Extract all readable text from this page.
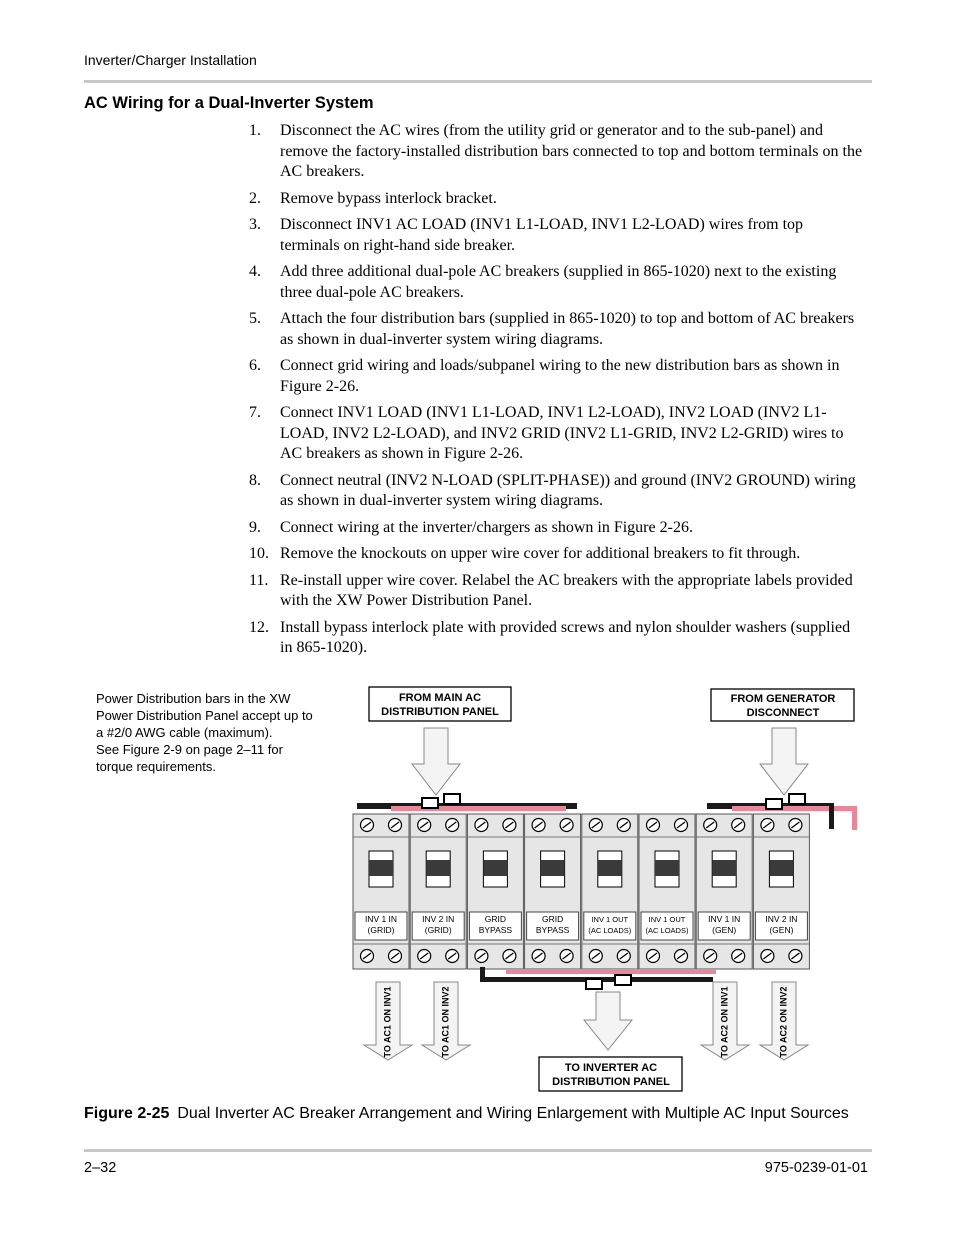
Inverter/Charger Installation
AC Wiring for a Dual-Inverter System
1.	Disconnect the AC wires (from the utility grid or generator and to the sub-panel) and remove the factory-installed distribution bars connected to top and bottom terminals on the AC breakers.
2.	Remove bypass interlock bracket.
3.	Disconnect INV1 AC LOAD (INV1 L1-LOAD, INV1 L2-LOAD) wires from top terminals on right-hand side breaker.
4.	Add three additional dual-pole AC breakers (supplied in 865-1020) next to the existing three dual-pole AC breakers.
5.	Attach the four distribution bars (supplied in 865-1020) to top and bottom of AC breakers as shown in dual-inverter system wiring diagrams.
6.	Connect grid wiring and loads/subpanel wiring to the new distribution bars as shown in Figure 2-26.
7.	Connect INV1 LOAD (INV1 L1-LOAD, INV1 L2-LOAD), INV2 LOAD (INV2 L1-LOAD, INV2 L2-LOAD), and INV2 GRID (INV2 L1-GRID, INV2 L2-GRID) wires to AC breakers as shown in Figure 2-26.
8.	Connect neutral (INV2 N-LOAD (SPLIT-PHASE)) and ground (INV2 GROUND) wiring as shown in dual-inverter system wiring diagrams.
9.	Connect wiring at the inverter/chargers as shown in Figure 2-26.
10. Remove the knockouts on upper wire cover for additional breakers to fit through.
11. Re-install upper wire cover. Relabel the AC breakers with the appropriate labels provided with the XW Power Distribution Panel.
12. Install bypass interlock plate with provided screws and nylon shoulder washers (supplied in 865-1020).
Power Distribution bars in the XW
Power Distribution Panel accept up to
a #2/0 AWG cable (maximum).
See Figure 2-9 on page 2–11 for
torque requirements.
FROM MAIN AC
DISTRIBUTION PANEL
FROM GENERATOR
DISCONNECT
INV 1 IN
(GRID)
INV 2 IN
(GRID)
GRID
BYPASS
GRID
BYPASS
INV 1 OUT
(AC LOADS)
INV 1 OUT
(AC LOADS)
INV 1 IN
(GEN)
INV 2 IN
(GEN)
TO AC1 ON INV1	TO AC1 ON INV2	TO AC2 ON INV1	TO AC2 ON INV2
TO INVERTER AC
DISTRIBUTION PANEL
Figure 2-25 Dual Inverter AC Breaker Arrangement and Wiring Enlargement with Multiple AC Input Sources
2–32	975-0239-01-01
